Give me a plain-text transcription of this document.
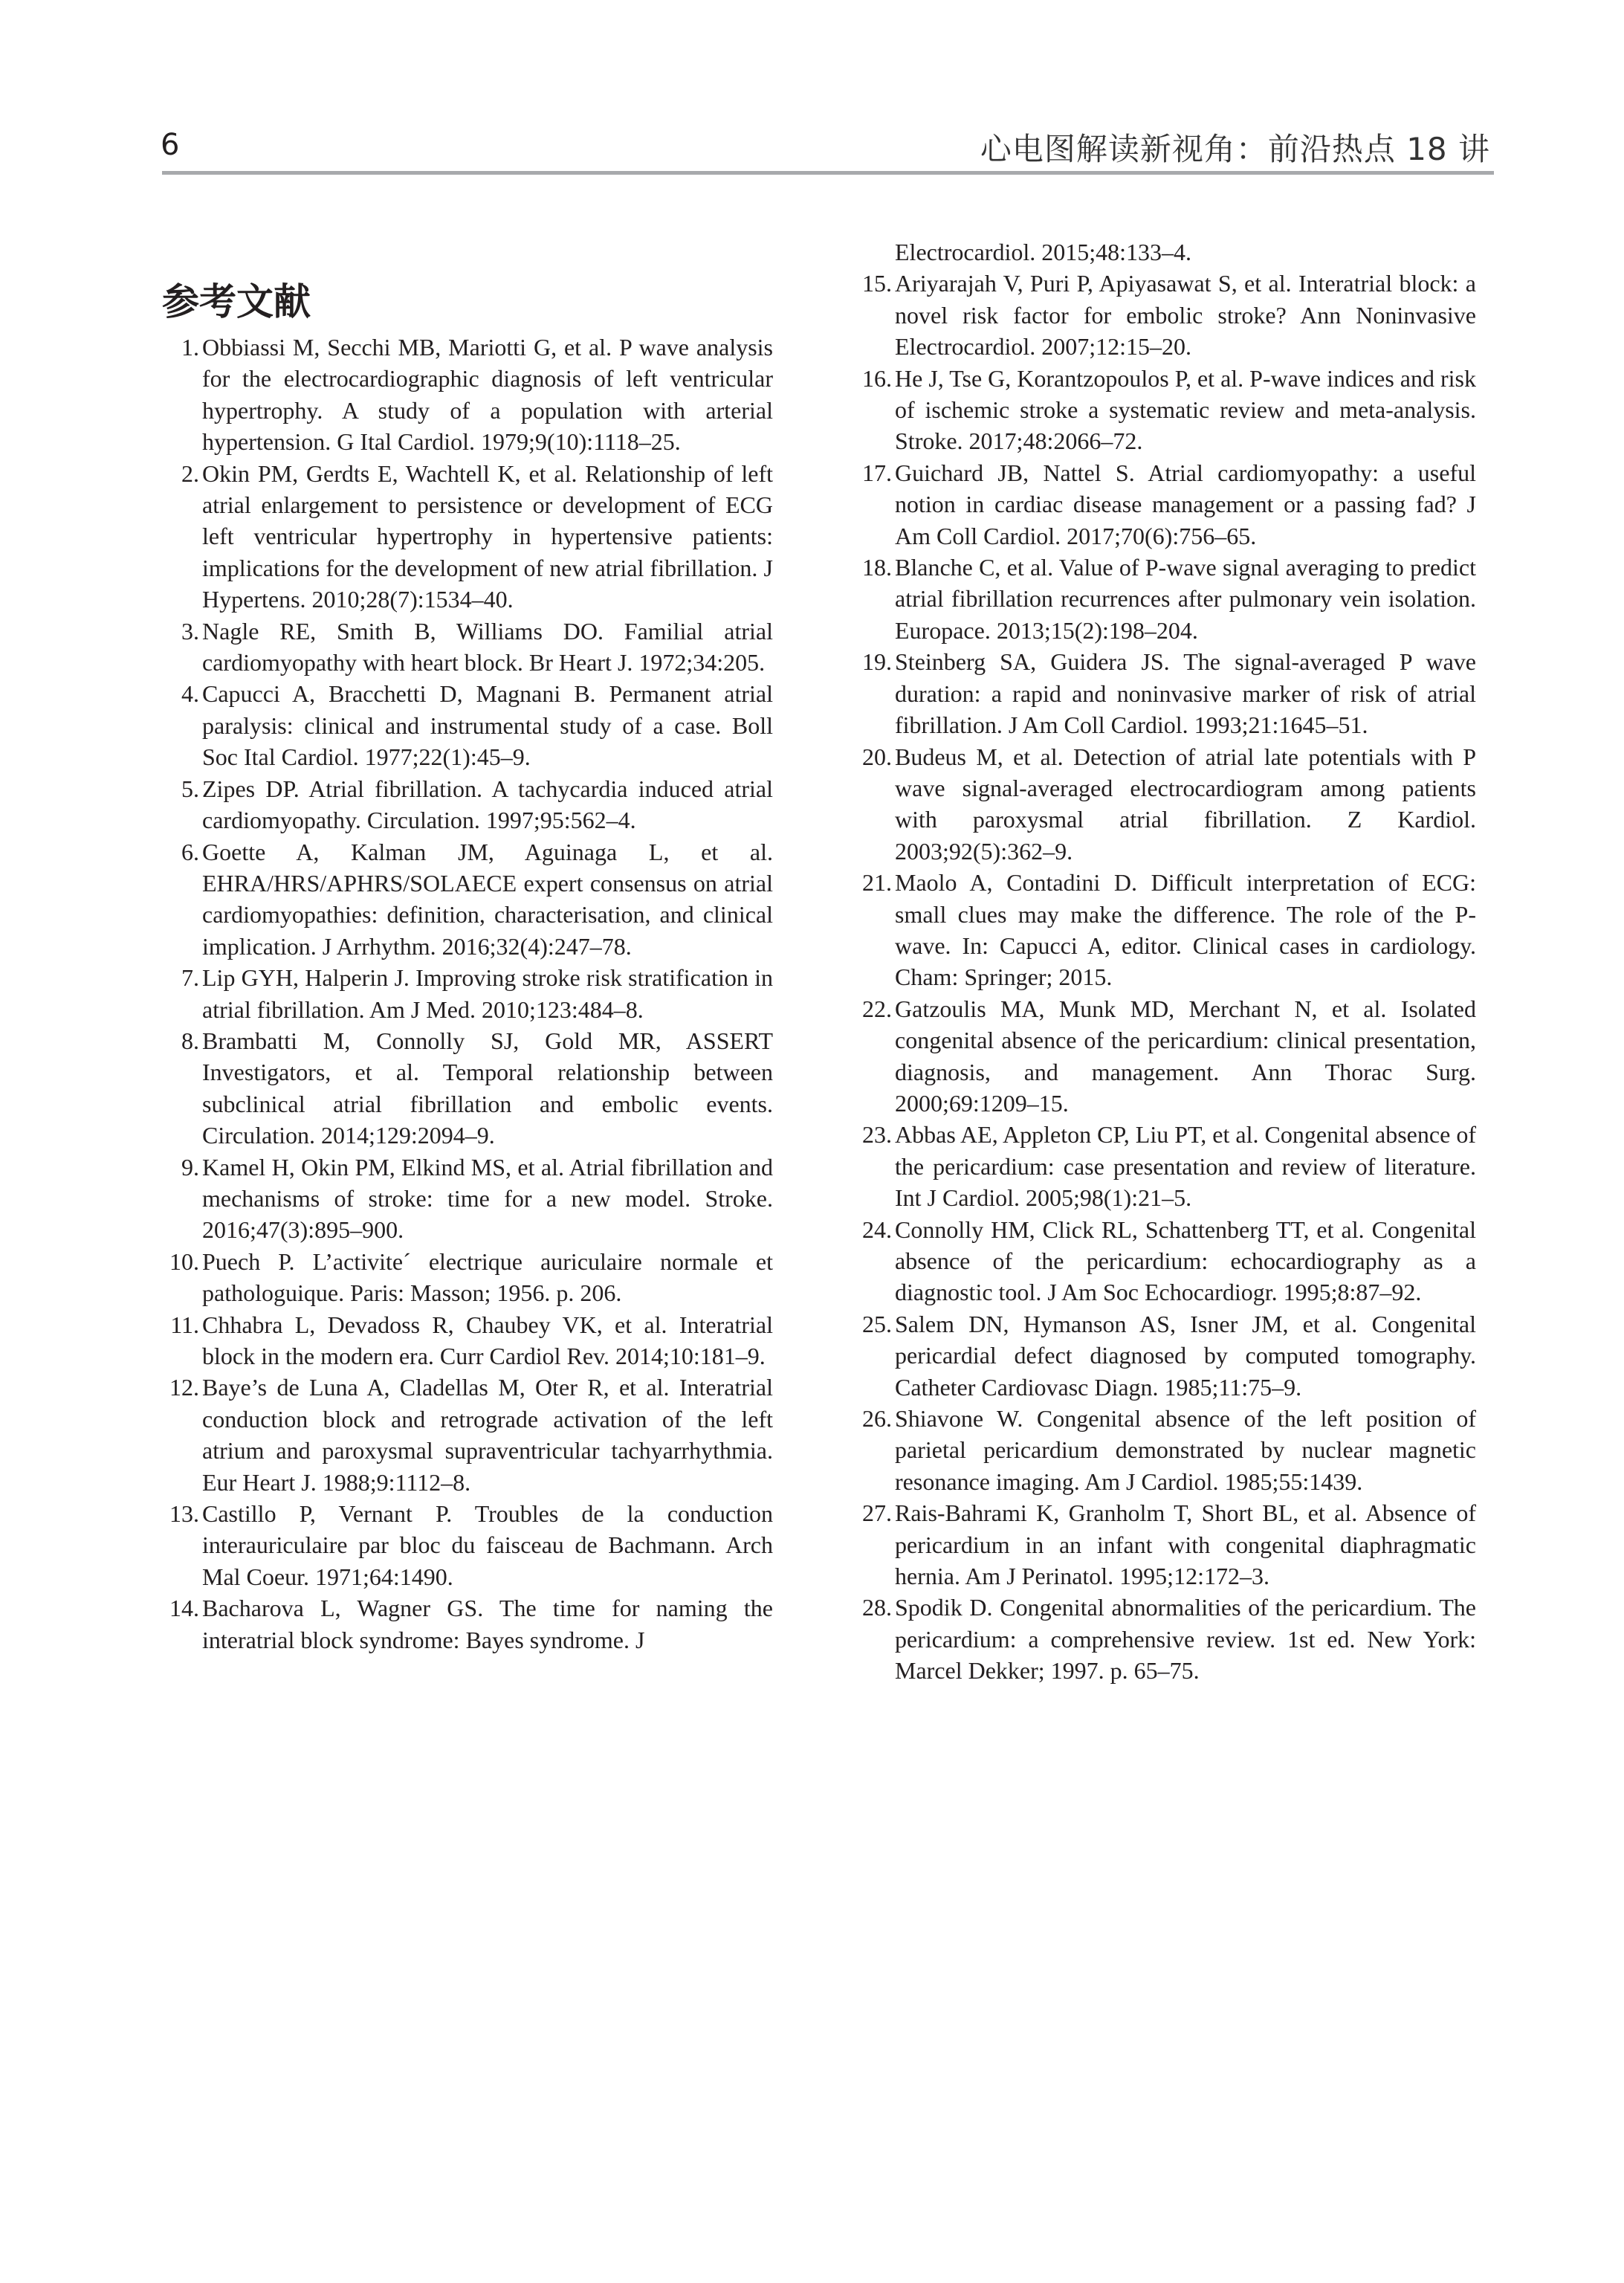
6	心电图解读新视角：前沿热点 18 讲
参考文献
1. Obbiassi M, Secchi MB, Mariotti G, et al. P wave analysis for the electrocardiographic diagnosis of left ventricular hypertrophy. A study of a population with arterial hypertension. G Ital Cardiol. 1979;9(10):1118–25.
2. Okin PM, Gerdts E, Wachtell K, et al. Relationship of left atrial enlargement to persistence or development of ECG left ventricular hypertrophy in hypertensive patients: implications for the development of new atrial fibrillation. J Hypertens. 2010;28(7):1534–40.
3. Nagle RE, Smith B, Williams DO. Familial atrial cardiomyopathy with heart block. Br Heart J. 1972;34:205.
4. Capucci A, Bracchetti D, Magnani B. Permanent atrial paralysis: clinical and instrumental study of a case. Boll Soc Ital Cardiol. 1977;22(1):45–9.
5. Zipes DP. Atrial fibrillation. A tachycardia induced atrial cardiomyopathy. Circulation. 1997;95:562–4.
6. Goette A, Kalman JM, Aguinaga L, et al. EHRA/HRS/APHRS/SOLAECE expert consensus on atrial cardiomyopathies: definition, characterisation, and clinical implication. J Arrhythm. 2016;32(4):247–78.
7. Lip GYH, Halperin J. Improving stroke risk stratification in atrial fibrillation. Am J Med. 2010;123:484–8.
8. Brambatti M, Connolly SJ, Gold MR, ASSERT Investigators, et al. Temporal relationship between subclinical atrial fibrillation and embolic events. Circulation. 2014;129:2094–9.
9. Kamel H, Okin PM, Elkind MS, et al. Atrial fibrillation and mechanisms of stroke: time for a new model. Stroke. 2016;47(3):895–900.
10. Puech P. L’activite´ electrique auriculaire normale et pathologuique. Paris: Masson; 1956. p. 206.
11. Chhabra L, Devadoss R, Chaubey VK, et al. Interatrial block in the modern era. Curr Cardiol Rev. 2014;10:181–9.
12. Baye’s de Luna A, Cladellas M, Oter R, et al. Interatrial conduction block and retrograde activation of the left atrium and paroxysmal supraventricular tachyarrhythmia. Eur Heart J. 1988;9:1112–8.
13. Castillo P, Vernant P. Troubles de la conduction interauriculaire par bloc du faisceau de Bachmann. Arch Mal Coeur. 1971;64:1490.
14. Bacharova L, Wagner GS. The time for naming the interatrial block syndrome: Bayes syndrome. J
Electrocardiol. 2015;48:133–4.
15. Ariyarajah V, Puri P, Apiyasawat S, et al. Interatrial block: a novel risk factor for embolic stroke? Ann Noninvasive Electrocardiol. 2007;12:15–20.
16. He J, Tse G, Korantzopoulos P, et al. P-wave indices and risk of ischemic stroke a systematic review and meta-analysis. Stroke. 2017;48:2066–72.
17. Guichard JB, Nattel S. Atrial cardiomyopathy: a useful notion in cardiac disease management or a passing fad? J Am Coll Cardiol. 2017;70(6):756–65.
18. Blanche C, et al. Value of P-wave signal averaging to predict atrial fibrillation recurrences after pulmonary vein isolation. Europace. 2013;15(2):198–204.
19. Steinberg SA, Guidera JS. The signal-averaged P wave duration: a rapid and noninvasive marker of risk of atrial fibrillation. J Am Coll Cardiol. 1993;21:1645–51.
20. Budeus M, et al. Detection of atrial late potentials with P wave signal-averaged electrocardiogram among patients with paroxysmal atrial fibrillation. Z Kardiol. 2003;92(5):362–9.
21. Maolo A, Contadini D. Difficult interpretation of ECG: small clues may make the difference. The role of the P-wave. In: Capucci A, editor. Clinical cases in cardiology. Cham: Springer; 2015.
22. Gatzoulis MA, Munk MD, Merchant N, et al. Isolated congenital absence of the pericardium: clinical presentation, diagnosis, and management. Ann Thorac Surg. 2000;69:1209–15.
23. Abbas AE, Appleton CP, Liu PT, et al. Congenital absence of the pericardium: case presentation and review of literature. Int J Cardiol. 2005;98(1):21–5.
24. Connolly HM, Click RL, Schattenberg TT, et al. Congenital absence of the pericardium: echocardiography as a diagnostic tool. J Am Soc Echocardiogr. 1995;8:87–92.
25. Salem DN, Hymanson AS, Isner JM, et al. Congenital pericardial defect diagnosed by computed tomography. Catheter Cardiovasc Diagn. 1985;11:75–9.
26. Shiavone W. Congenital absence of the left position of parietal pericardium demonstrated by nuclear magnetic resonance imaging. Am J Cardiol. 1985;55:1439.
27. Rais-Bahrami K, Granholm T, Short BL, et al. Absence of pericardium in an infant with congenital diaphragmatic hernia. Am J Perinatol. 1995;12:172–3.
28. Spodik D. Congenital abnormalities of the pericardium. The pericardium: a comprehensive review. 1st ed. New York: Marcel Dekker; 1997. p. 65–75.
